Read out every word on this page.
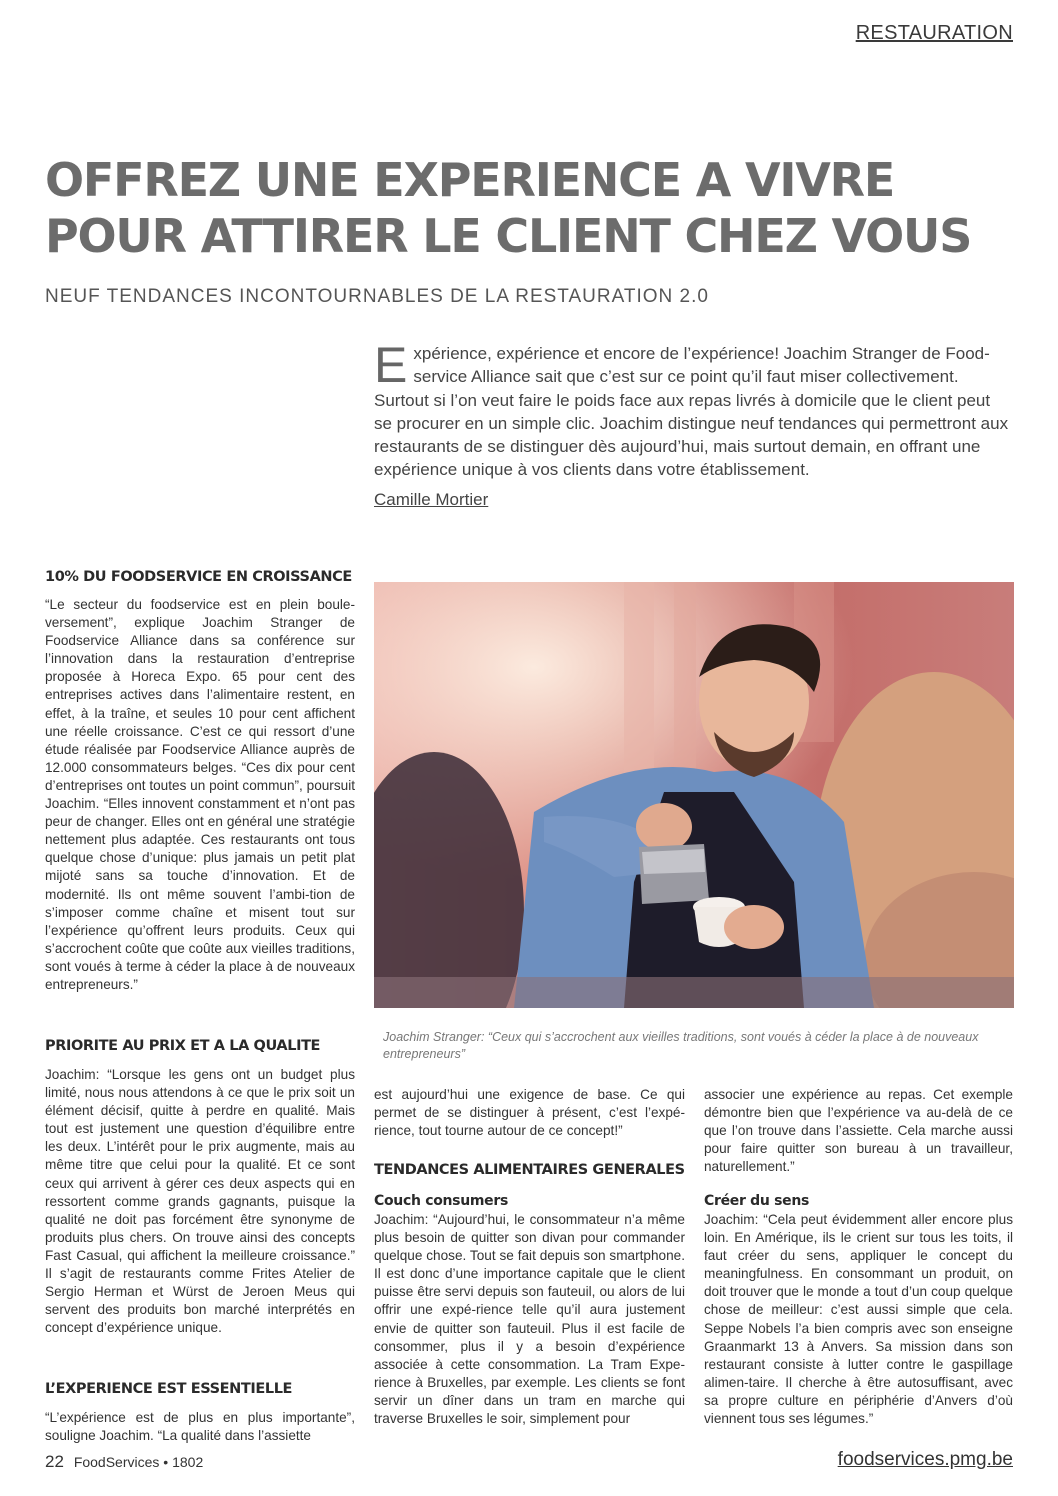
RESTAURATION
OFFREZ UNE EXPERIENCE A VIVRE
POUR ATTIRER LE CLIENT CHEZ VOUS
NEUF TENDANCES INCONTOURNABLES DE LA RESTAURATION 2.0
Expérience, expérience et encore de l’expérience! Joachim Stranger de Food-service Alliance sait que c’est sur ce point qu’il faut miser collectivement. Surtout si l’on veut faire le poids face aux repas livrés à domicile que le client peut se procurer en un simple clic. Joachim distingue neuf tendances qui permettront aux restaurants de se distinguer dès aujourd’hui, mais surtout demain, en offrant une expérience unique à vos clients dans votre établissement.
Camille Mortier
10% DU FOODSERVICE EN CROISSANCE
“Le secteur du foodservice est en plein boule-versement”, explique Joachim Stranger de Foodservice Alliance dans sa conférence sur l’innovation dans la restauration d’entreprise proposée à Horeca Expo. 65 pour cent des entreprises actives dans l’alimentaire restent, en effet, à la traîne, et seules 10 pour cent affichent une réelle croissance. C’est ce qui ressort d’une étude réalisée par Foodservice Alliance auprès de 12.000 consommateurs belges. “Ces dix pour cent d’entreprises ont toutes un point commun”, poursuit Joachim. “Elles innovent constamment et n’ont pas peur de changer. Elles ont en général une stratégie nettement plus adaptée. Ces restaurants ont tous quelque chose d’unique: plus jamais un petit plat mijoté sans sa touche d’innovation. Et de modernité. Ils ont même souvent l’ambi-tion de s’imposer comme chaîne et misent tout sur l’expérience qu’offrent leurs produits. Ceux qui s’accrochent coûte que coûte aux vieilles traditions, sont voués à terme à céder la place à de nouveaux entrepreneurs.”
PRIORITE AU PRIX ET A LA QUALITE
Joachim: “Lorsque les gens ont un budget plus limité, nous nous attendons à ce que le prix soit un élément décisif, quitte à perdre en qualité. Mais tout est justement une question d’équilibre entre les deux. L’intérêt pour le prix augmente, mais au même titre que celui pour la qualité. Et ce sont ceux qui arrivent à gérer ces deux aspects qui en ressortent comme grands gagnants, puisque la qualité ne doit pas forcément être synonyme de produits plus chers. On trouve ainsi des concepts Fast Casual, qui affichent la meilleure croissance.” Il s’agit de restaurants comme Frites Atelier de Sergio Herman et Würst de Jeroen Meus qui servent des produits bon marché interprétés en concept d’expérience unique.
L’EXPERIENCE EST ESSENTIELLE
“L’expérience est de plus en plus importante”, souligne Joachim. “La qualité dans l’assiette
Joachim Stranger: “Ceux qui s’accrochent aux vieilles traditions, sont voués à céder la place à de nouveaux entrepreneurs”
est aujourd’hui une exigence de base. Ce qui permet de se distinguer à présent, c’est l’expé-rience, tout tourne autour de ce concept!”
TENDANCES ALIMENTAIRES GENERALES
Couch consumers
Joachim: “Aujourd’hui, le consommateur n’a même plus besoin de quitter son divan pour commander quelque chose. Tout se fait depuis son smartphone. Il est donc d’une importance capitale que le client puisse être servi depuis son fauteuil, ou alors de lui offrir une expé-rience telle qu’il aura justement envie de quitter son fauteuil. Plus il est facile de consommer, plus il y a besoin d’expérience associée à cette consommation. La Tram Expe-rience à Bruxelles, par exemple. Les clients se font servir un dîner dans un tram en marche qui traverse Bruxelles le soir, simplement pour
associer une expérience au repas. Cet exemple démontre bien que l’expérience va au-delà de ce que l’on trouve dans l’assiette. Cela marche aussi pour faire quitter son bureau à un travailleur, naturellement.”
Créer du sens
Joachim: “Cela peut évidemment aller encore plus loin. En Amérique, ils le crient sur tous les toits, il faut créer du sens, appliquer le concept du meaningfulness. En consommant un produit, on doit trouver que le monde a tout d’un coup quelque chose de meilleur: c’est aussi simple que cela. Seppe Nobels l’a bien compris avec son enseigne Graanmarkt 13 à Anvers. Sa mission dans son restaurant consiste à lutter contre le gaspillage alimen-taire. Il cherche à être autosuffisant, avec sa propre culture en périphérie d’Anvers d’où viennent tous ses légumes.”
22 FoodServices • 1802	foodservices.pmg.be
